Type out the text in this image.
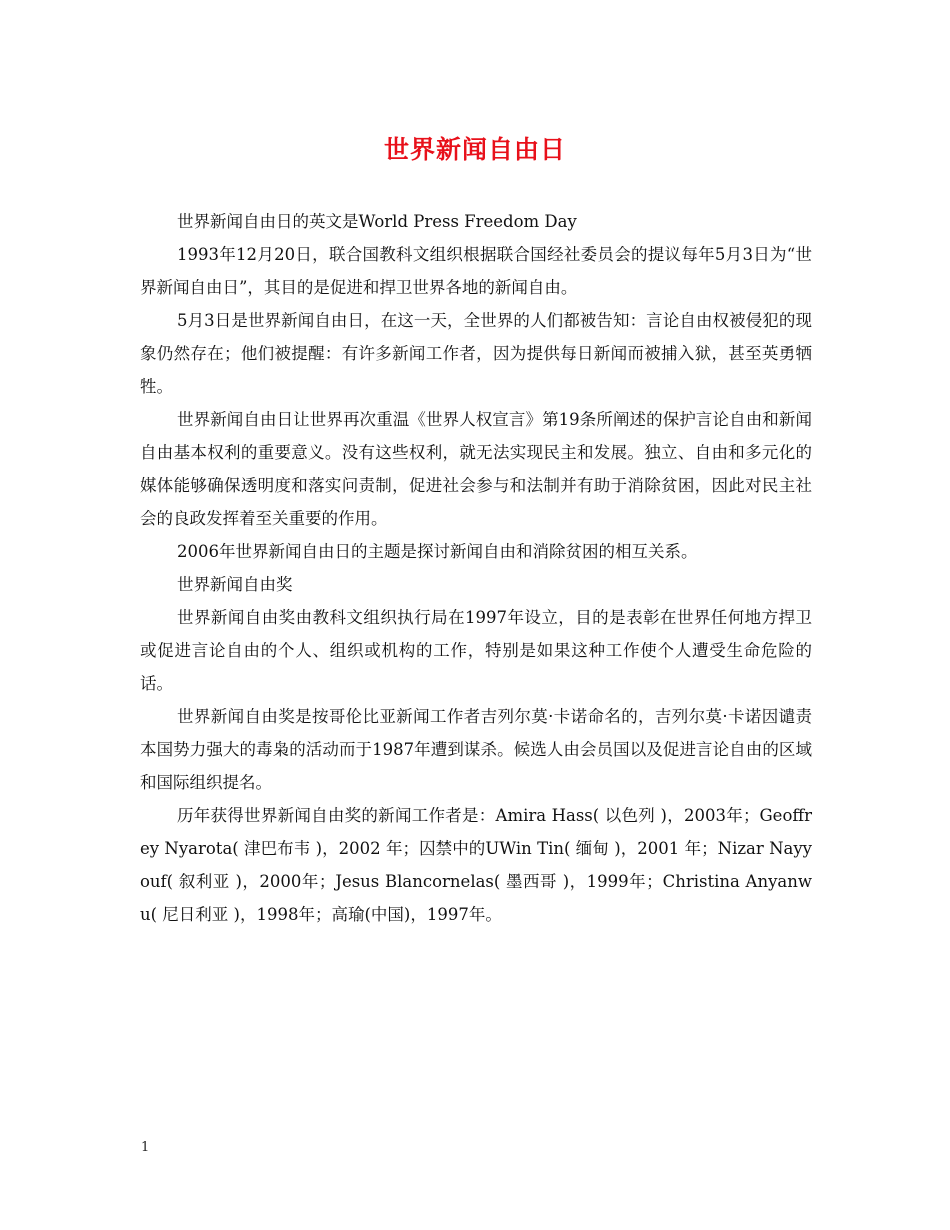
世界新闻自由日

世界新闻自由日的英文是World Press Freedom Day

1993年12月20日，联合国教科文组织根据联合国经社委员会的提议每年5月3日为“世界新闻自由日”，其目的是促进和捍卫世界各地的新闻自由。

5月3日是世界新闻自由日，在这一天，全世界的人们都被告知：言论自由权被侵犯的现象仍然存在；他们被提醒：有许多新闻工作者，因为提供每日新闻而被捕入狱，甚至英勇牺牲。

世界新闻自由日让世界再次重温《世界人权宣言》第19条所阐述的保护言论自由和新闻自由基本权利的重要意义。没有这些权利，就无法实现民主和发展。独立、自由和多元化的媒体能够确保透明度和落实问责制，促进社会参与和法制并有助于消除贫困，因此对民主社会的良政发挥着至关重要的作用。

2006年世界新闻自由日的主题是探讨新闻自由和消除贫困的相互关系。

世界新闻自由奖

世界新闻自由奖由教科文组织执行局在1997年设立，目的是表彰在世界任何地方捍卫或促进言论自由的个人、组织或机构的工作，特别是如果这种工作使个人遭受生命危险的话。

世界新闻自由奖是按哥伦比亚新闻工作者吉列尔莫·卡诺命名的，吉列尔莫·卡诺因谴责本国势力强大的毒枭的活动而于1987年遭到谋杀。候选人由会员国以及促进言论自由的区域和国际组织提名。

历年获得世界新闻自由奖的新闻工作者是：Amira Hass( 以色列 )，2003年；Geoffrey Nyarota( 津巴布韦 )，2002 年；囚禁中的UWin Tin( 缅甸 )，2001 年；Nizar Nayyouf( 叙利亚 )，2000年；Jesus Blancornelas( 墨西哥 )，1999年；Christina Anyanwu( 尼日利亚 )，1998年；高瑜(中国)，1997年。

1
